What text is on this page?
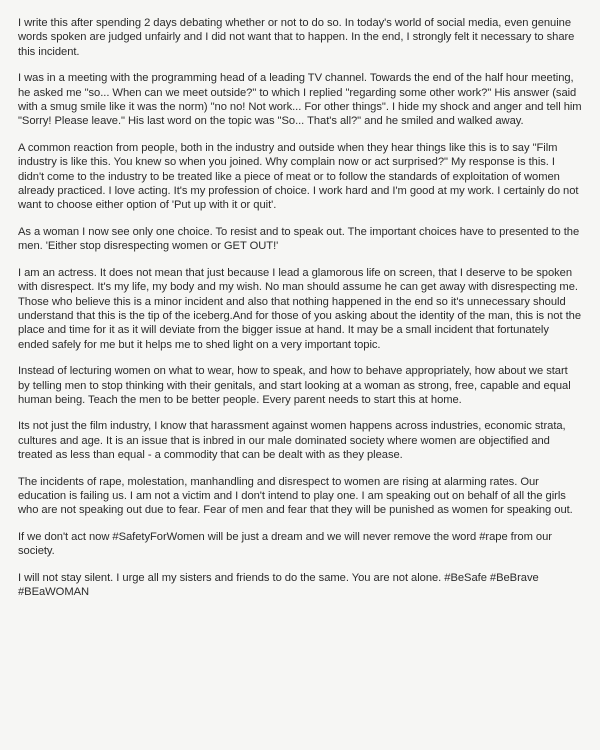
I write this after spending 2 days debating whether or not to do so. In today's world of social media, even genuine words spoken are judged unfairly and I did not want that to happen. In the end, I strongly felt it necessary to share this incident.

I was in a meeting with the programming head of a leading TV channel. Towards the end of the half hour meeting, he asked me "so... When can we meet outside?" to which I replied "regarding some other work?" His answer (said with a smug smile like it was the norm) "no no! Not work... For other things". I hide my shock and anger and tell him "Sorry! Please leave." His last word on the topic was "So... That's all?" and he smiled and walked away.

A common reaction from people, both in the industry and outside when they hear things like this is to say "Film industry is like this. You knew so when you joined. Why complain now or act surprised?" My response is this. I didn't come to the industry to be treated like a piece of meat or to follow the standards of exploitation of women already practiced. I love acting. It's my profession of choice. I work hard and I'm good at my work. I certainly do not want to choose either option of 'Put up with it or quit'.

As a woman I now see only one choice. To resist and to speak out. The important choices have to presented to the men. 'Either stop disrespecting women or GET OUT!'

I am an actress. It does not mean that just because I lead a glamorous life on screen, that I deserve to be spoken with disrespect. It's my life, my body and my wish. No man should assume he can get away with disrespecting me. Those who believe this is a minor incident and also that nothing happened in the end so it's unnecessary should understand that this is the tip of the iceberg.And for those of you asking about the identity of the man, this is not the place and time for it as it will deviate from the bigger issue at hand. It may be a small incident that fortunately ended safely for me but it helps me to shed light on a very important topic.

Instead of lecturing women on what to wear, how to speak, and how to behave appropriately, how about we start by telling men to stop thinking with their genitals, and start looking at a woman as strong, free, capable and equal human being. Teach the men to be better people. Every parent needs to start this at home.

Its not just the film industry, I know that harassment against women happens across industries, economic strata, cultures and age. It is an issue that is inbred in our male dominated society where women are objectified and treated as less than equal - a commodity that can be dealt with as they please.

The incidents of rape, molestation, manhandling and disrespect to women are rising at alarming rates. Our education is failing us. I am not a victim and I don't intend to play one. I am speaking out on behalf of all the girls who are not speaking out due to fear. Fear of men and fear that they will be punished as women for speaking out.

If we don't act now #SafetyForWomen will be just a dream and we will never remove the word #rape from our society.

I will not stay silent. I urge all my sisters and friends to do the same. You are not alone. #BeSafe #BeBrave #BEaWOMAN
